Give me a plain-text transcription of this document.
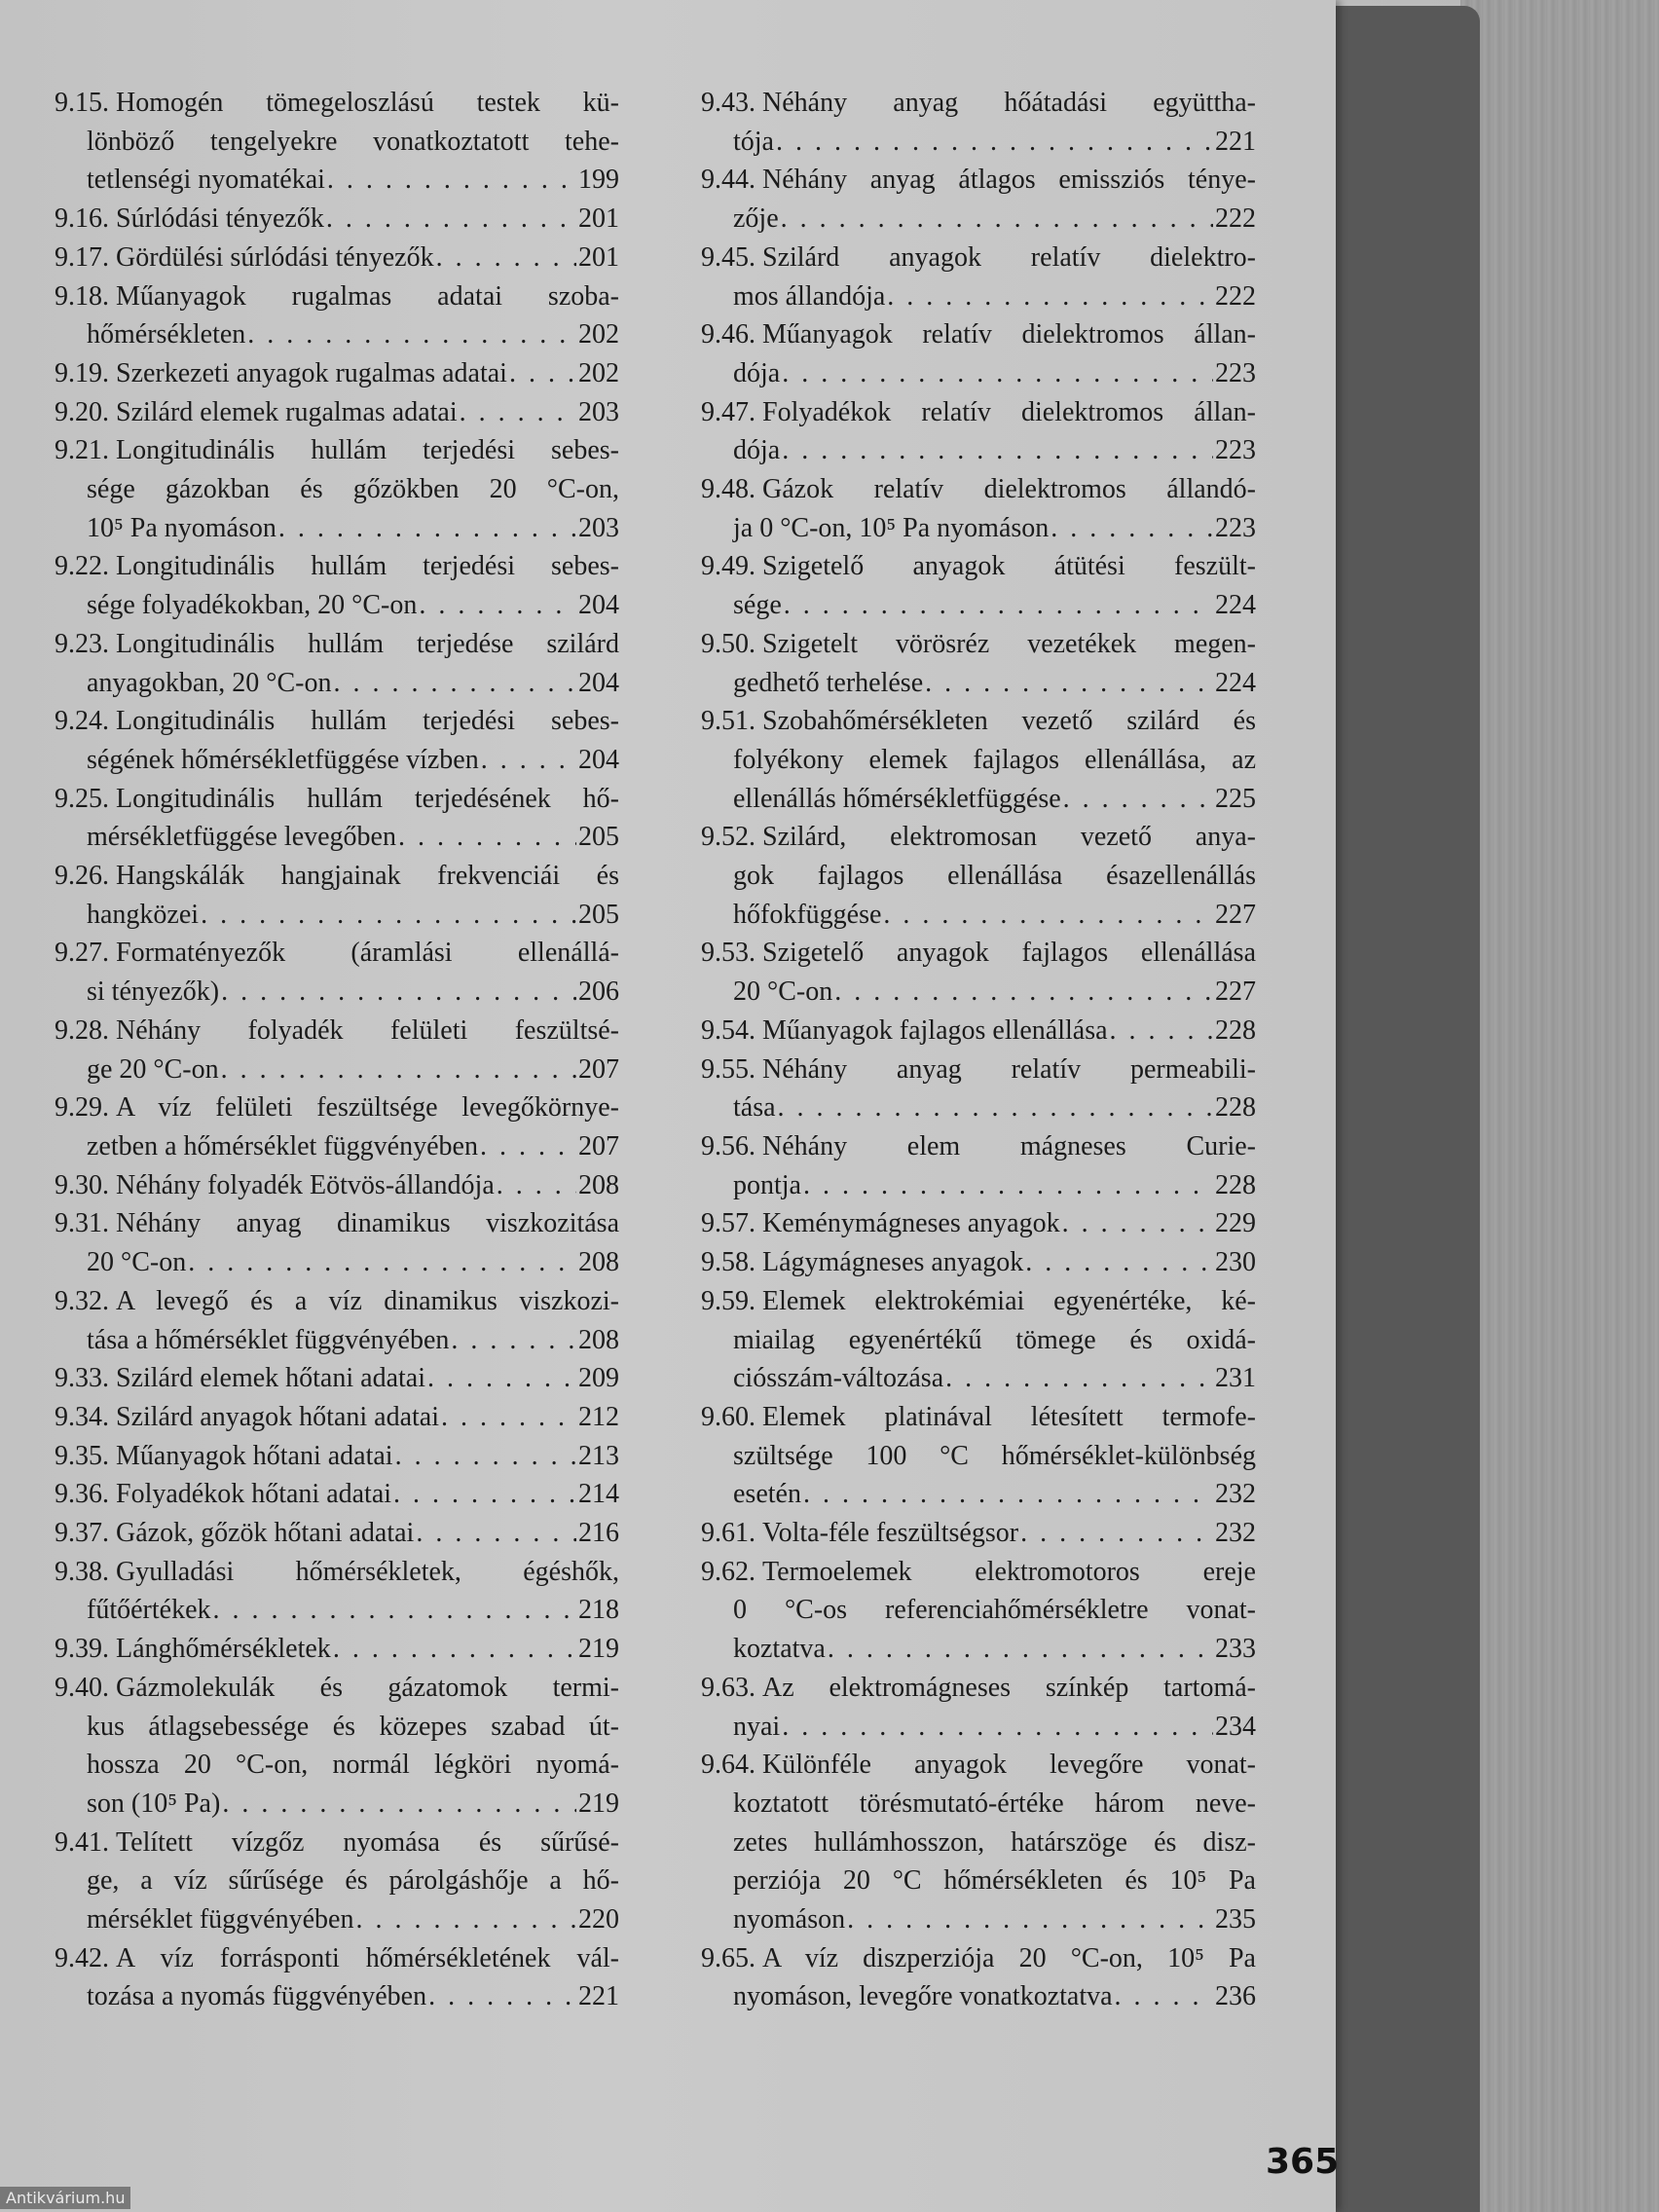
9.15. Homogén tömegeloszlású testek kü-
lönböző tengelyekre vonatkoztatott tehe-
tetlenségi nyomatékai . . .	199
9.16. Súrlódási tényezők . . .	201
9.17. Gördülési súrlódási tényezők . . .	201
9.18. Műanyagok rugalmas adatai szoba-
hőmérsékleten . . .	202
9.19. Szerkezeti anyagok rugalmas adatai . . .	202
9.20. Szilárd elemek rugalmas adatai . . .	203
9.21. Longitudinális hullám terjedési sebes-
sége gázokban és gőzökben 20 °C-on,
10⁵ Pa nyomáson . . .	203
9.22. Longitudinális hullám terjedési sebes-
sége folyadékokban, 20 °C-on . . .	204
9.23. Longitudinális hullám terjedése szilárd
anyagokban, 20 °C-on . . .	204
9.24. Longitudinális hullám terjedési sebes-
ségének hőmérsékletfüggése vízben . . .	204
9.25. Longitudinális hullám terjedésének hő-
mérsékletfüggése levegőben . . .	205
9.26. Hangskálák hangjainak frekvenciái és
hangközei . . .	205
9.27. Formatényezők (áramlási ellenállá-
si tényezők) . . .	206
9.28. Néhány folyadék felületi feszültsé-
ge 20 °C-on . . .	207
9.29. A víz felületi feszültsége levegőkörnye-
zetben a hőmérséklet függvényében . . .	207
9.30. Néhány folyadék Eötvös-állandója . . .	208
9.31. Néhány anyag dinamikus viszkozitása
20 °C-on . . .	208
9.32. A levegő és a víz dinamikus viszkozi-
tása a hőmérséklet függvényében . . .	208
9.33. Szilárd elemek hőtani adatai . . .	209
9.34. Szilárd anyagok hőtani adatai . . .	212
9.35. Műanyagok hőtani adatai . . .	213
9.36. Folyadékok hőtani adatai . . .	214
9.37. Gázok, gőzök hőtani adatai . . .	216
9.38. Gyulladási hőmérsékletek, égéshők,
fűtőértékek . . .	218
9.39. Lánghőmérsékletek . . .	219
9.40. Gázmolekulák és gázatomok termi-
kus átlagsebessége és közepes szabad út-
hossza 20 °C-on, normál légköri nyomá-
son (10⁵ Pa) . . .	219
9.41. Telített vízgőz nyomása és sűrűsé-
ge, a víz sűrűsége és párolgáshője a hő-
mérséklet függvényében . . .	220
9.42. A víz forrásponti hőmérsékletének vál-
tozása a nyomás függvényében . . .	221
9.43. Néhány anyag hőátadási együttha-
tója . . .	221
9.44. Néhány anyag átlagos emissziós ténye-
zője . . .	222
9.45. Szilárd anyagok relatív dielektro-
mos állandója . . .	222
9.46. Műanyagok relatív dielektromos állan-
dója . . .	223
9.47. Folyadékok relatív dielektromos állan-
dója . . .	223
9.48. Gázok relatív dielektromos állandó-
ja 0 °C-on, 10⁵ Pa nyomáson . . .	223
9.49. Szigetelő anyagok átütési feszült-
sége . . .	224
9.50. Szigetelt vörösréz vezetékek megen-
gedhető terhelése . . .	224
9.51. Szobahőmérsékleten vezető szilárd és
folyékony elemek fajlagos ellenállása, az
ellenállás hőmérsékletfüggése . . .	225
9.52. Szilárd, elektromosan vezető anya-
gok fajlagos ellenállása ésazellenállás
hőfokfüggése . . .	227
9.53. Szigetelő anyagok fajlagos ellenállása
20 °C-on . . .	227
9.54. Műanyagok fajlagos ellenállása . . .	228
9.55. Néhány anyag relatív permeabili-
tása . . .	228
9.56. Néhány elem mágneses Curie-
pontja . . .	228
9.57. Keménymágneses anyagok . . .	229
9.58. Lágymágneses anyagok . . .	230
9.59. Elemek elektrokémiai egyenértéke, ké-
miailag egyenértékű tömege és oxidá-
ciósszám-változása . . .	231
9.60. Elemek platinával létesített termofe-
szültsége 100 °C hőmérséklet-különbség
esetén . . .	232
9.61. Volta-féle feszültségsor . . .	232
9.62. Termoelemek elektromotoros ereje
0 °C-os referenciahőmérsékletre vonat-
koztatva . . .	233
9.63. Az elektromágneses színkép tartomá-
nyai . . .	234
9.64. Különféle anyagok levegőre vonat-
koztatott törésmutató-értéke három neve-
zetes hullámhosszon, határszöge és disz-
perziója 20 °C hőmérsékleten és 10⁵ Pa
nyomáson . . .	235
9.65. A víz diszperziója 20 °C-on, 10⁵ Pa
nyomáson, levegőre vonatkoztatva . . .	236
365
Antikvárium.hu
